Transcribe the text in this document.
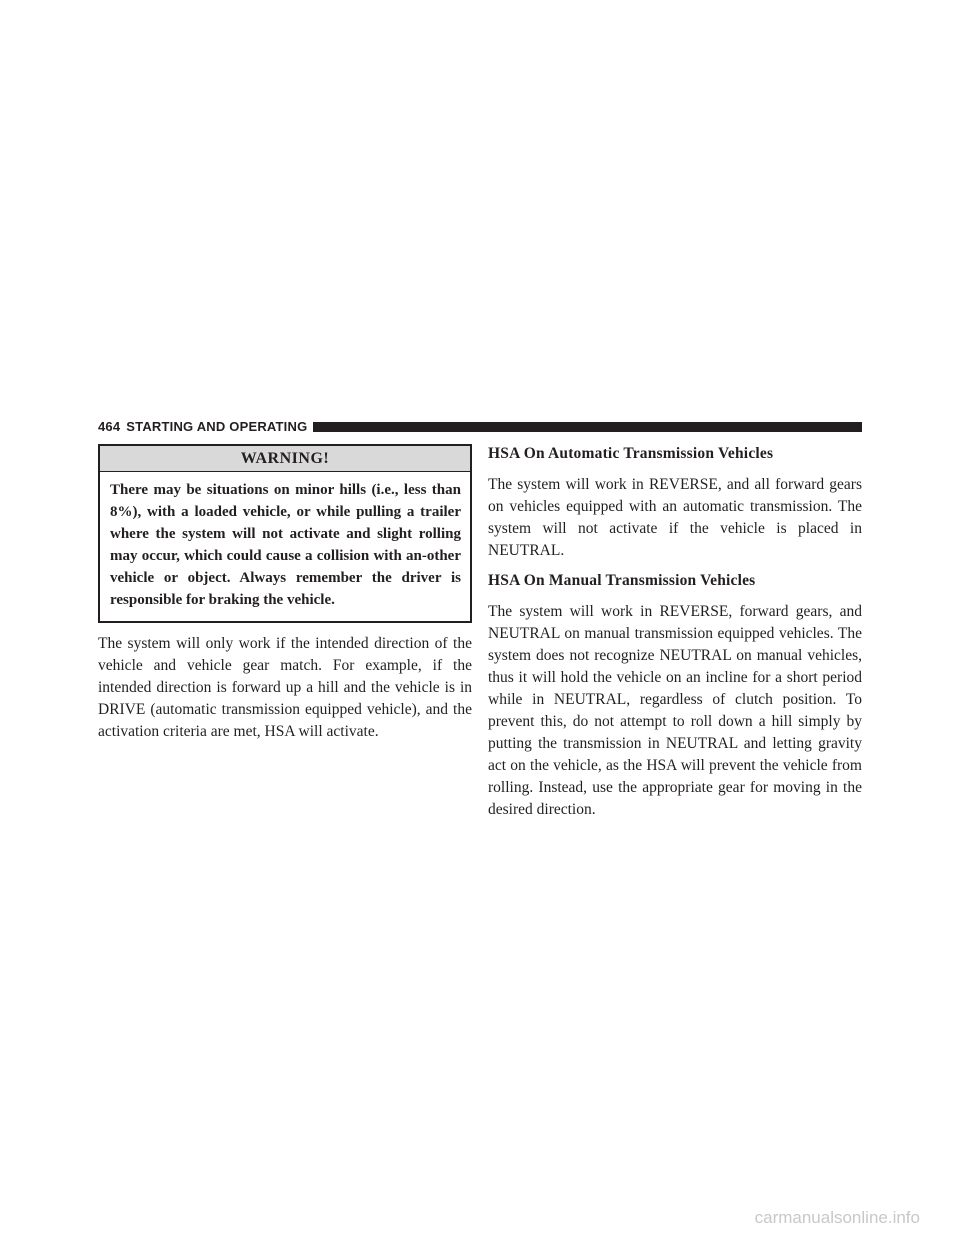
464 STARTING AND OPERATING
WARNING!

There may be situations on minor hills (i.e., less than 8%), with a loaded vehicle, or while pulling a trailer where the system will not activate and slight rolling may occur, which could cause a collision with an-other vehicle or object. Always remember the driver is responsible for braking the vehicle.

The system will only work if the intended direction of the vehicle and vehicle gear match. For example, if the intended direction is forward up a hill and the vehicle is in DRIVE (automatic transmission equipped vehicle), and the activation criteria are met, HSA will activate.

HSA On Automatic Transmission Vehicles

The system will work in REVERSE, and all forward gears on vehicles equipped with an automatic transmission. The system will not activate if the vehicle is placed in NEUTRAL.

HSA On Manual Transmission Vehicles

The system will work in REVERSE, forward gears, and NEUTRAL on manual transmission equipped vehicles. The system does not recognize NEUTRAL on manual vehicles, thus it will hold the vehicle on an incline for a short period while in NEUTRAL, regardless of clutch position. To prevent this, do not attempt to roll down a hill simply by putting the transmission in NEUTRAL and letting gravity act on the vehicle, as the HSA will prevent the vehicle from rolling. Instead, use the appropriate gear for moving in the desired direction.

carmanualsonline.info
